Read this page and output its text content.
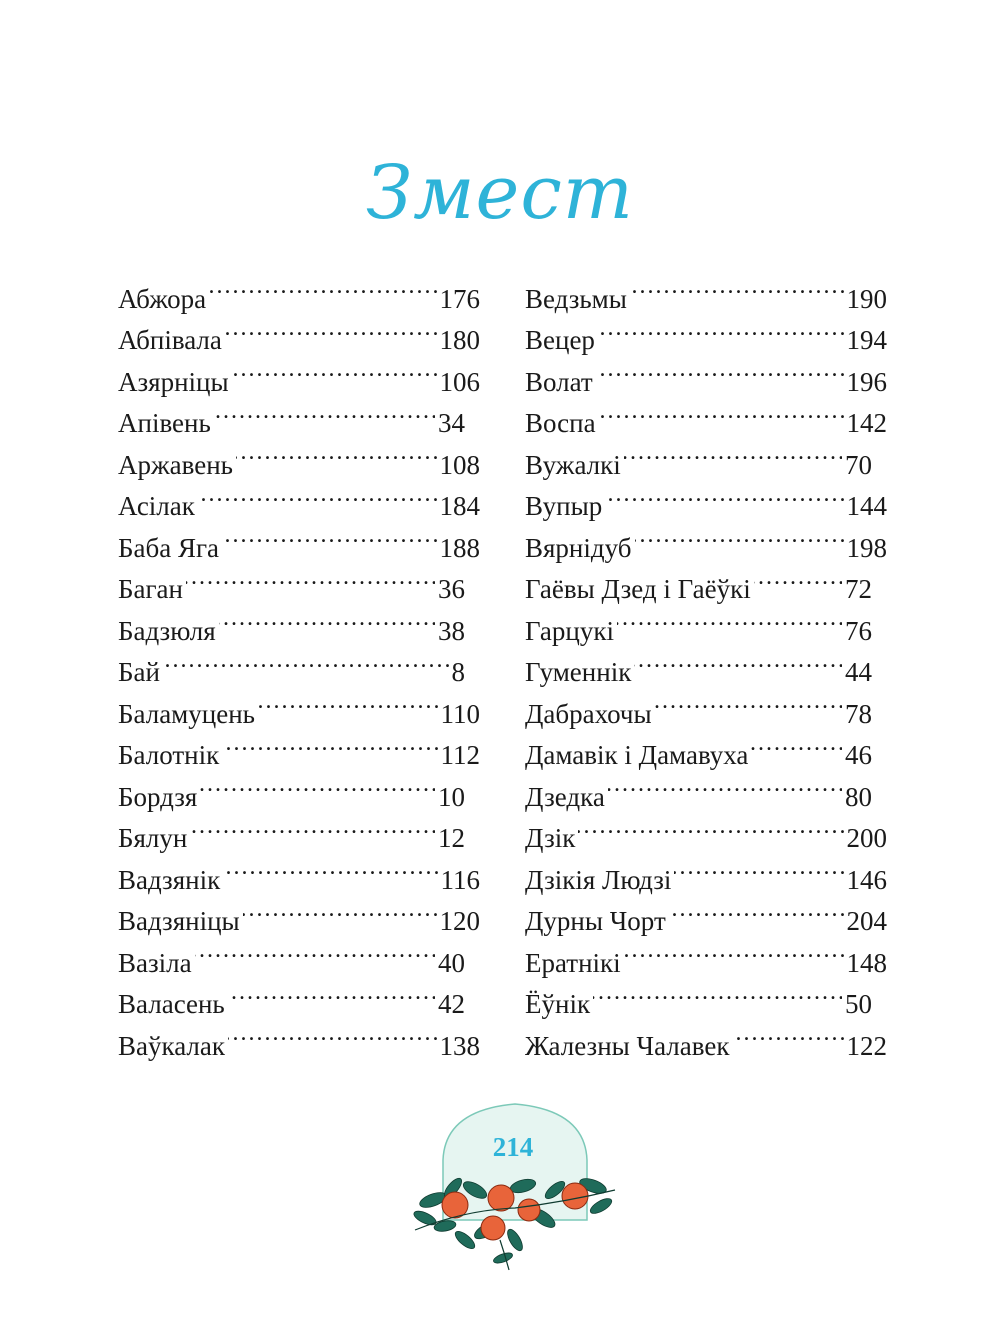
Змест
Абжора . . .	176
Абпівала . . .	180
Азярніцы . . .	106
Апівень . . .	34
Аржавень . . .	108
Асілак . . .	184
Баба Яга . . .	188
Баган . . .	36
Бадзюля . . .	38
Бай . . .	8
Баламуцень . . .	110
Балотнік . . .	112
Бордзя . . .	10
Бялун . . .	12
Вадзянік . . .	116
Вадзяніцы . . .	120
Вазіла . . .	40
Валасень . . .	42
Ваўкалак . . .	138
Ведзьмы . . .	190
Вецер . . .	194
Волат . . .	196
Воспа . . .	142
Вужалкі . . .	70
Вупыр . . .	144
Вярнідуб . . .	198
Гаёвы Дзед і Гаёўкі . . .	72
Гарцукі . . .	76
Гуменнік . . .	44
Дабрахочы . . .	78
Дамавік і Дамавуха . . .	46
Дзедка . . .	80
Дзік . . .	200
Дзікія Людзі . . .	146
Дурны Чорт . . .	204
Ератнікі . . .	148
Ёўнік . . .	50
Жалезны Чалавек . . .	122
214
